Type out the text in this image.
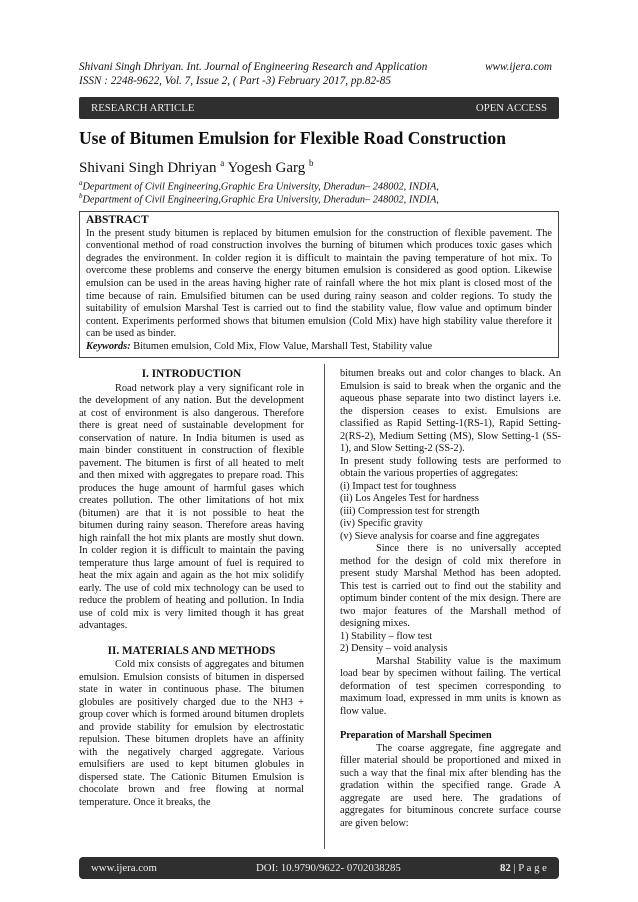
Shivani Singh Dhriyan. Int. Journal of Engineering Research and Application	www.ijera.com
ISSN : 2248-9622, Vol. 7, Issue 2, ( Part -3) February 2017, pp.82-85
RESEARCH ARTICLE	OPEN ACCESS
Use of Bitumen Emulsion for Flexible Road Construction
Shivani Singh Dhriyan $^a$ Yogesh Garg $^b$
$^a$Department of Civil Engineering,Graphic Era University, Dheradun– 248002, INDIA,
$^b$Department of Civil Engineering,Graphic Era University, Dheradun– 248002, INDIA,
ABSTRACT
In the present study bitumen is replaced by bitumen emulsion for the construction of flexible pavement. The conventional method of road construction involves the burning of bitumen which produces toxic gases which degrades the environment. In colder region it is difficult to maintain the paving temperature of hot mix. To overcome these problems and conserve the energy bitumen emulsion is considered as good option. Likewise emulsion can be used in the areas having higher rate of rainfall where the hot mix plant is closed most of the time because of rain. Emulsified bitumen can be used during rainy season and colder regions. To study the suitability of emulsion Marshal Test is carried out to find the stability value, flow value and optimum binder content. Experiments performed shows that bitumen emulsion (Cold Mix) have high stability value therefore it can be used as binder.
Keywords: Bitumen emulsion, Cold Mix, Flow Value, Marshall Test, Stability value
I. INTRODUCTION

Road network play a very significant role in the development of any nation. But the development at cost of environment is also dangerous. Therefore there is great need of sustainable development for conservation of nature. In India bitumen is used as main binder constituent in construction of flexible pavement. The bitumen is first of all heated to melt and then mixed with aggregates to prepare road. This produces the huge amount of harmful gases which creates pollution. The other limitations of hot mix (bitumen) are that it is not possible to heat the bitumen during rainy season. Therefore areas having high rainfall the hot mix plants are mostly shut down. In colder region it is difficult to maintain the paving temperature thus large amount of fuel is required to heat the mix again and again as the hot mix solidify early. The use of cold mix technology can be used to reduce the problem of heating and pollution. In India use of cold mix is very limited though it has great advantages.

II. MATERIALS AND METHODS

Cold mix consists of aggregates and bitumen emulsion. Emulsion consists of bitumen in dispersed state in water in continuous phase. The bitumen globules are positively charged due to the NH3 + group cover which is formed around bitumen droplets and provide stability for emulsion by electrostatic repulsion. These bitumen droplets have an affinity with the negatively charged aggregate. Various emulsifiers are used to kept bitumen globules in dispersed state. The Cationic Bitumen Emulsion is chocolate brown and free flowing at normal temperature. Once it breaks, the

bitumen breaks out and color changes to black. An Emulsion is said to break when the organic and the aqueous phase separate into two distinct layers i.e. the dispersion ceases to exist. Emulsions are classified as Rapid Setting-1(RS-1), Rapid Setting-2(RS-2), Medium Setting (MS), Slow Setting-1 (SS-1), and Slow Setting-2 (SS-2).

In present study following tests are performed to obtain the various properties of aggregates:

(i) Impact test for toughness

(ii) Los Angeles Test for hardness

(iii) Compression test for strength

(iv) Specific gravity

(v) Sieve analysis for coarse and fine aggregates

Since there is no universally accepted method for the design of cold mix therefore in present study Marshal Method has been adopted. This test is carried out to find out the stability and optimum binder content of the mix design. There are two major features of the Marshall method of designing mixes.

1) Stability – flow test

2) Density – void analysis

Marshal Stability value is the maximum load bear by specimen without failing. The vertical deformation of test specimen corresponding to maximum load, expressed in mm units is known as flow value.

Preparation of Marshall Specimen

The coarse aggregate, fine aggregate and filler material should be proportioned and mixed in such a way that the final mix after blending has the gradation within the specified range. Grade A aggregate are used here. The gradations of aggregates for bituminous concrete surface course are given below:

www.ijera.com	DOI: 10.9790/9622- 0702038285	82 | P a g e
